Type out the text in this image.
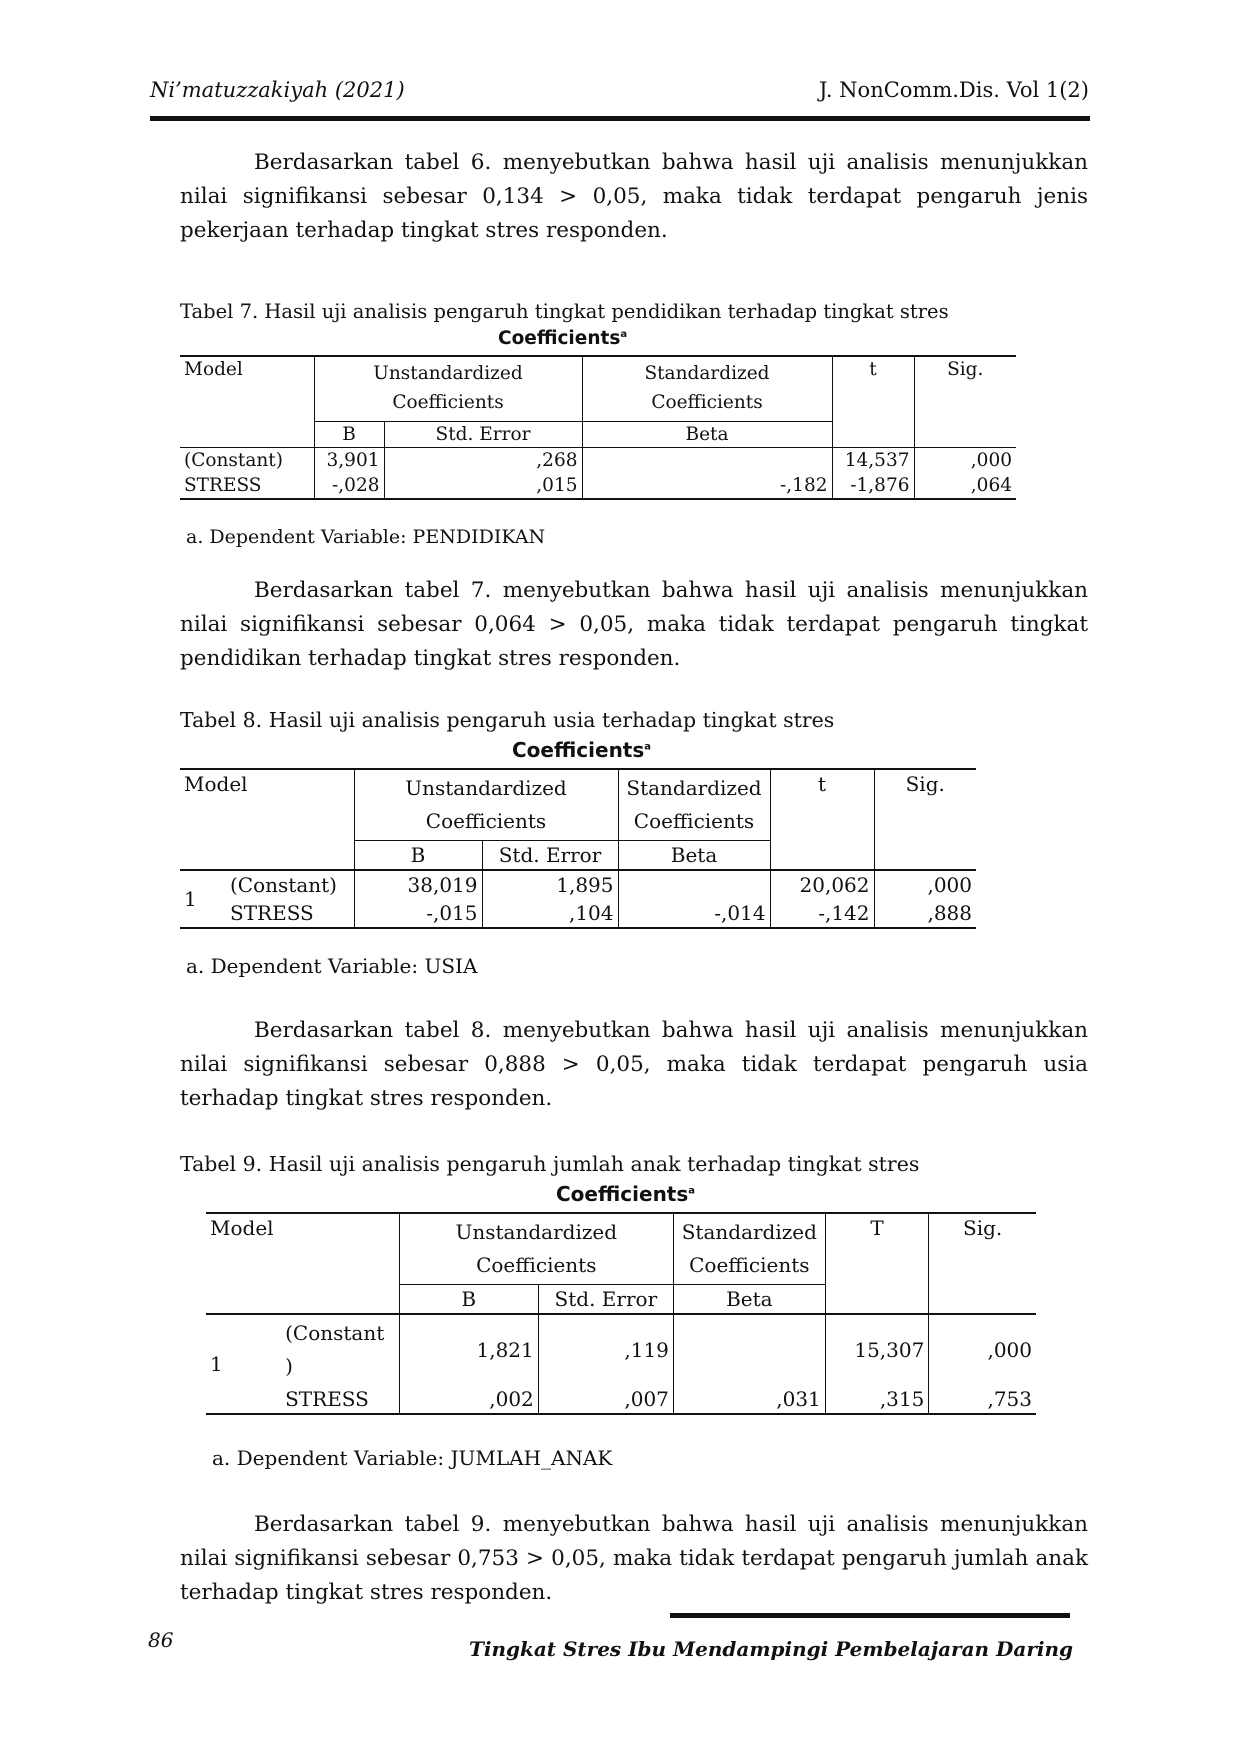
Ni’matuzzakiyah (2021)	J. NonComm.Dis. Vol 1(2)
Berdasarkan tabel 6. menyebutkan bahwa hasil uji analisis menunjukkan nilai signifikansi sebesar 0,134 > 0,05, maka tidak terdapat pengaruh jenis pekerjaan terhadap tingkat stres responden.
Tabel 7. Hasil uji analisis pengaruh tingkat pendidikan terhadap tingkat stres
Coefficients$^a$
Model	Unstandardized Coefficients		Standardized Coefficients	t	Sig.
	B	Std. Error	Beta		
(Constant)	3,901	,268		14,537	,000
STRESS	-,028	,015	-,182	-1,876	,064
a. Dependent Variable: PENDIDIKAN
Berdasarkan tabel 7. menyebutkan bahwa hasil uji analisis menunjukkan nilai signifikansi sebesar 0,064 > 0,05, maka tidak terdapat pengaruh tingkat pendidikan terhadap tingkat stres responden.
Tabel 8. Hasil uji analisis pengaruh usia terhadap tingkat stres
Coefficients$^a$
Model		Unstandardized Coefficients		Standardized Coefficients	t	Sig.
		B	Std. Error	Beta		
1	(Constant)	38,019	1,895		20,062	,000
	STRESS	-,015	,104	-,014	-,142	,888
a. Dependent Variable: USIA
Berdasarkan tabel 8. menyebutkan bahwa hasil uji analisis menunjukkan nilai signifikansi sebesar 0,888 > 0,05, maka tidak terdapat pengaruh usia terhadap tingkat stres responden.
Tabel 9. Hasil uji analisis pengaruh jumlah anak terhadap tingkat stres
Coefficients$^a$
Model		Unstandardized Coefficients		Standardized Coefficients	T	Sig.
		B	Std. Error	Beta		
1	(Constant )	1,821	,119		15,307	,000
	STRESS	,002	,007	,031	,315	,753
a. Dependent Variable: JUMLAH_ANAK
Berdasarkan tabel 9. menyebutkan bahwa hasil uji analisis menunjukkan nilai signifikansi sebesar 0,753 > 0,05, maka tidak terdapat pengaruh jumlah anak terhadap tingkat stres responden.
86	Tingkat Stres Ibu Mendampingi Pembelajaran Daring
